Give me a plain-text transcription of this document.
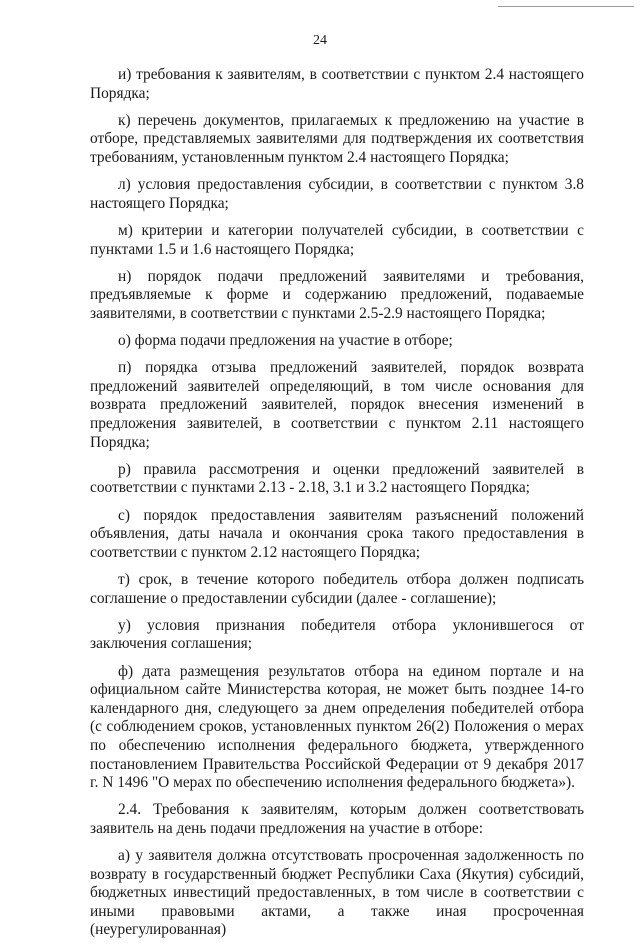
24

и) требования к заявителям, в соответствии с пунктом 2.4 настоящего Порядка;

к) перечень документов, прилагаемых к предложению на участие в отборе, представляемых заявителями для подтверждения их соответствия требованиям, установленным пунктом 2.4 настоящего Порядка;

л) условия предоставления субсидии, в соответствии с пунктом 3.8 настоящего Порядка;

м) критерии и категории получателей субсидии, в соответствии с пунктами 1.5 и 1.6 настоящего Порядка;

н) порядок подачи предложений заявителями и требования, предъявляемые к форме и содержанию предложений, подаваемые заявителями, в соответствии с пунктами 2.5-2.9 настоящего Порядка;

о) форма подачи предложения на участие в отборе;

п) порядка отзыва предложений заявителей, порядок возврата предложений заявителей определяющий, в том числе основания для возврата предложений заявителей, порядок внесения изменений в предложения заявителей, в соответствии с пунктом 2.11 настоящего Порядка;

р) правила рассмотрения и оценки предложений заявителей в соответствии с пунктами 2.13 - 2.18, 3.1 и 3.2 настоящего Порядка;

с) порядок предоставления заявителям разъяснений положений объявления, даты начала и окончания срока такого предоставления в соответствии с пунктом 2.12 настоящего Порядка;

т) срок, в течение которого победитель отбора должен подписать соглашение о предоставлении субсидии (далее - соглашение);

у) условия признания победителя отбора уклонившегося от заключения соглашения;

ф) дата размещения результатов отбора на едином портале и на официальном сайте Министерства которая, не может быть позднее 14-го календарного дня, следующего за днем определения победителей отбора (с соблюдением сроков, установленных пунктом 26(2) Положения о мерах по обеспечению исполнения федерального бюджета, утвержденного постановлением Правительства Российской Федерации от 9 декабря 2017 г. N 1496 "О мерах по обеспечению исполнения федерального бюджета»).

2.4. Требования к заявителям, которым должен соответствовать заявитель на день подачи предложения на участие в отборе:

а) у заявителя должна отсутствовать просроченная задолженность по возврату в государственный бюджет Республики Саха (Якутия) субсидий, бюджетных инвестиций предоставленных, в том числе в соответствии с иными правовыми актами, а также иная просроченная (неурегулированная)
